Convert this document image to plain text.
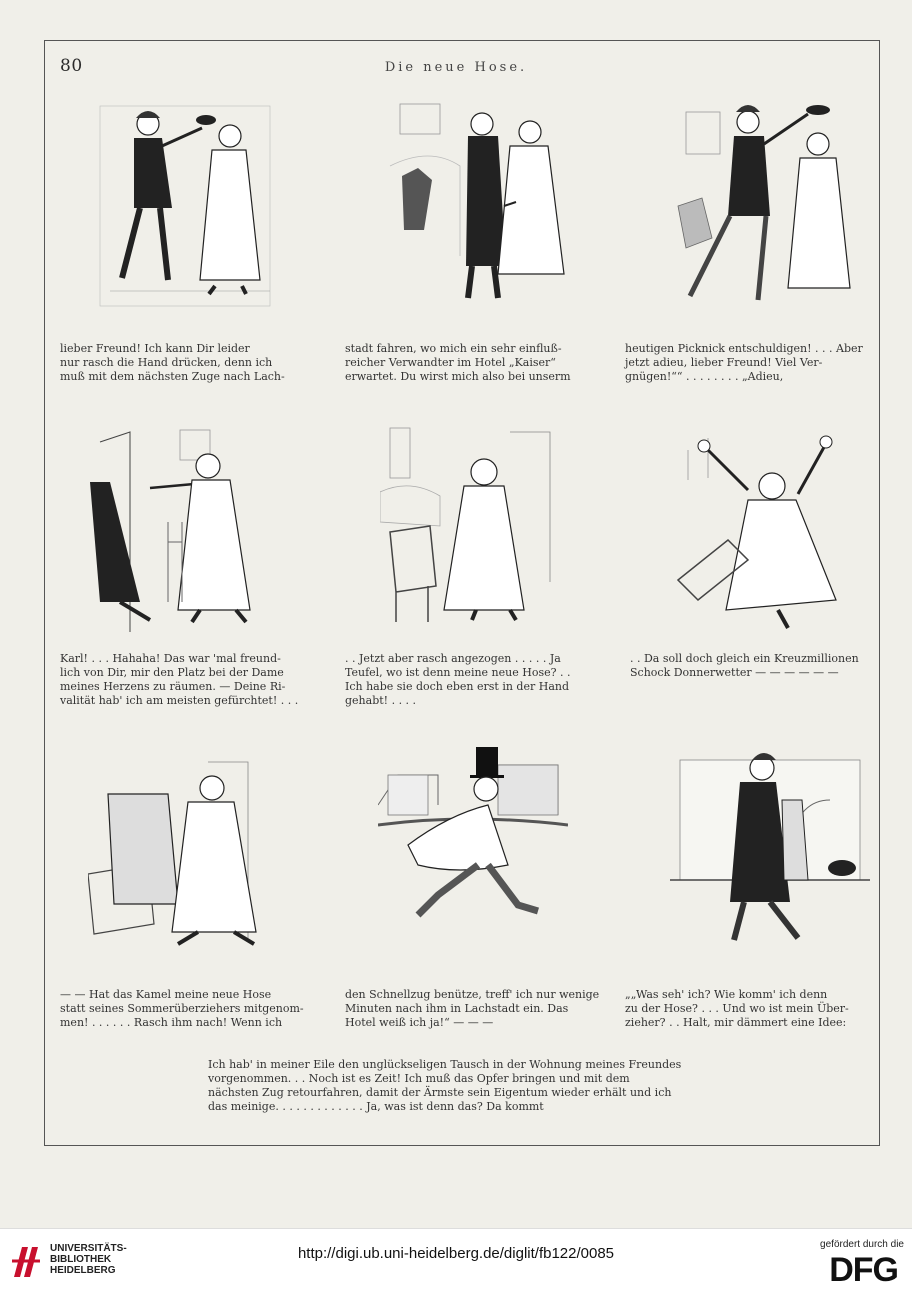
80	Die neue Hose.
lieber Freund! Ich kann Dir leider
nur rasch die Hand drücken, denn ich
muß mit dem nächsten Zuge nach Lach-
stadt fahren, wo mich ein sehr einfluß-
reicher Verwandter im Hotel „Kaiser“
erwartet. Du wirst mich also bei unserm
heutigen Picknick entschuldigen! . . . Aber
jetzt adieu, lieber Freund! Viel Ver-
gnügen!““ . . . . . . . . „Adieu,
Karl! . . . Hahaha! Das war 'mal freund-
lich von Dir, mir den Platz bei der Dame
meines Herzens zu räumen. — Deine Ri-
valität hab' ich am meisten gefürchtet! . . .
. . Jetzt aber rasch angezogen . . . . . Ja
Teufel, wo ist denn meine neue Hose? . .
Ich habe sie doch eben erst in der Hand
gehabt! . . . .
. . Da soll doch gleich ein Kreuzmillionen
Schock Donnerwetter — — — — — —
— — Hat das Kamel meine neue Hose
statt seines Sommerüberziehers mitgenom-
men! . . . . . . Rasch ihm nach! Wenn ich
den Schnellzug benütze, treff' ich nur wenige
Minuten nach ihm in Lachstadt ein. Das
Hotel weiß ich ja!“ — — —
„„Was seh' ich? Wie komm' ich denn
zu der Hose? . . . Und wo ist mein Über-
zieher? . . Halt, mir dämmert eine Idee:
Ich hab' in meiner Eile den unglückseligen Tausch in der Wohnung meines Freundes
vorgenommen. . . Noch ist es Zeit! Ich muß das Opfer bringen und mit dem
nächsten Zug retourfahren, damit der Ärmste sein Eigentum wieder erhält und ich
das meinige. . . . . . . . . . . . . Ja, was ist denn das? Da kommt
UNIVERSITÄTS-
BIBLIOTHEK
HEIDELBERG
http://digi.ub.uni-heidelberg.de/diglit/fb122/0085
gefördert durch die
DFG
